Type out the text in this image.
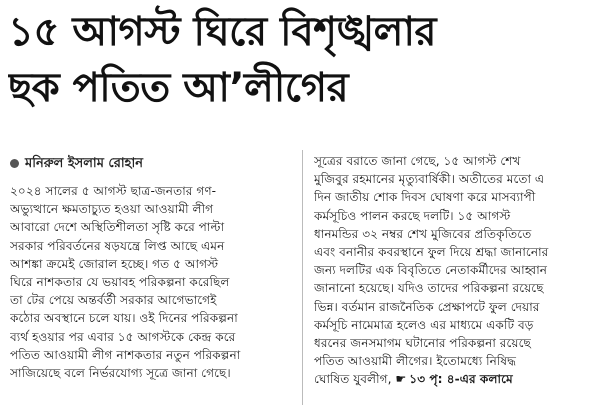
১৫ আগস্ট ঘিরে বিশৃঙ্খলার
ছক পতিত আ’লীগের
মনিরুল ইসলাম রোহান
২০২৪ সালের ৫ আগস্ট ছাত্র-জনতার গণ-
অভ্যুত্থানে ক্ষমতাচ্যুত হওয়া আওয়ামী লীগ
আবারো দেশে অস্থিতিশীলতা সৃষ্টি করে পাল্টা
সরকার পরিবর্তনের ষড়যন্ত্রে লিপ্ত আছে এমন
আশঙ্কা ক্রমেই জোরাল হচ্ছে। গত ৫ আগস্ট
ঘিরে নাশকতার যে ভয়াবহ পরিকল্পনা করেছিল
তা টের পেয়ে অন্তর্বর্তী সরকার আগেভাগেই
কঠোর অবস্থানে চলে যায়। ওই দিনের পরিকল্পনা
ব্যর্থ হওয়ার পর এবার ১৫ আগস্টকে কেন্দ্র করে
পতিত আওয়ামী লীগ নাশকতার নতুন পরিকল্পনা
সাজিয়েছে বলে নির্ভরযোগ্য সূত্রে জানা গেছে।
সূত্রের বরাতে জানা গেছে, ১৫ আগস্ট শেখ
মুজিবুর রহমানের মৃত্যুবার্ষিকী। অতীতের মতো এ
দিন জাতীয় শোক দিবস ঘোষণা করে মাসব্যাপী
কর্মসূচিও পালন করছে দলটি। ১৫ আগস্ট
ধানমন্ডির ৩২ নম্বর শেখ মুজিবের প্রতিকৃতিতে
এবং বনানীর কবরস্থানে ফুল দিয়ে শ্রদ্ধা জানানোর
জন্য দলটির এক বিবৃতিতে নেতাকর্মীদের আহ্বান
জানানো হয়েছে। যদিও তাদের পরিকল্পনা রয়েছে
ভিন্ন। বর্তমান রাজনৈতিক প্রেক্ষাপটে ফুল দেয়ার
কর্মসূচি নামেমাত্র হলেও এর মাধ্যমে একটি বড়
ধরনের জনসমাগম ঘটানোর পরিকল্পনা রয়েছে
পতিত আওয়ামী লীগের। ইতোমধ্যে নিষিদ্ধ
ঘোষিত যুবলীগ, ☛ ১৩ পৃ: ৪-এর কলামে
